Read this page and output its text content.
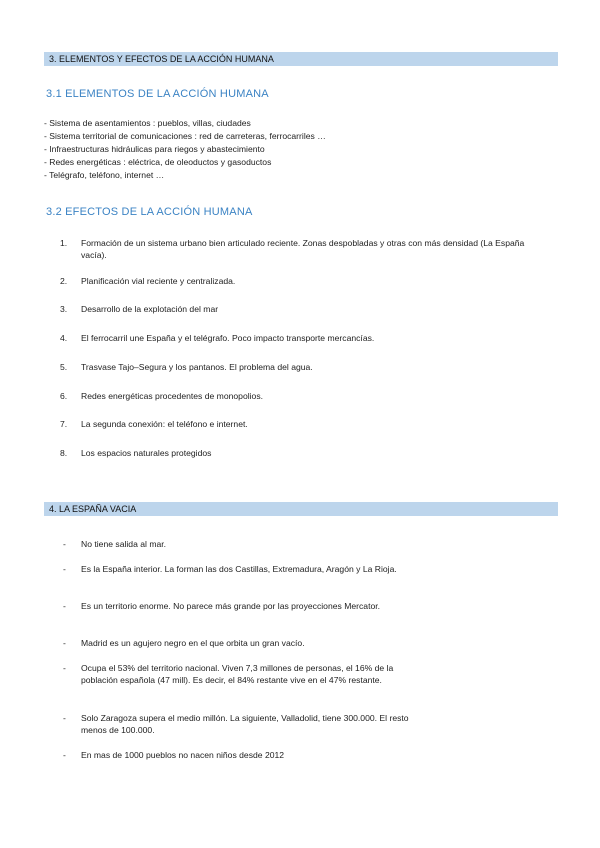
3. ELEMENTOS Y EFECTOS DE LA ACCIÓN HUMANA
3.1 ELEMENTOS DE LA ACCIÓN HUMANA
- Sistema de asentamientos : pueblos, villas, ciudades
- Sistema territorial de comunicaciones : red de carreteras, ferrocarriles …
- Infraestructuras hidráulicas para riegos y abastecimiento
- Redes energéticas : eléctrica, de oleoductos y gasoductos
- Telégrafo, teléfono, internet …
3.2 EFECTOS DE LA ACCIÓN HUMANA
1.	Formación de un sistema urbano bien articulado reciente. Zonas despobladas y otras con más densidad (La España vacía).
2.	Planificación vial reciente y centralizada.
3.	Desarrollo de la explotación del mar
4.	El ferrocarril une España y el telégrafo. Poco impacto transporte mercancías.
5.	Trasvase Tajo–Segura y los pantanos. El problema del agua.
6.	Redes energéticas procedentes de monopolios.
7.	La segunda conexión: el teléfono e internet.
8.	Los espacios naturales protegidos
4. LA ESPAÑA VACIA
- No tiene salida al mar.
- Es la España interior. La forman las dos Castillas, Extremadura, Aragón y La Rioja.
- Es un territorio enorme. No parece más grande por las proyecciones Mercator.
- Madrid es un agujero negro en el que orbita un gran vacío.
- Ocupa el 53% del territorio nacional. Viven 7,3 millones de personas, el 16% de la población española (47 mill). Es decir, el 84% restante vive en el 47% restante.
- Solo Zaragoza supera el medio millón. La siguiente, Valladolid, tiene 300.000. El resto menos de 100.000.
- En mas de 1000 pueblos no nacen niños desde 2012
